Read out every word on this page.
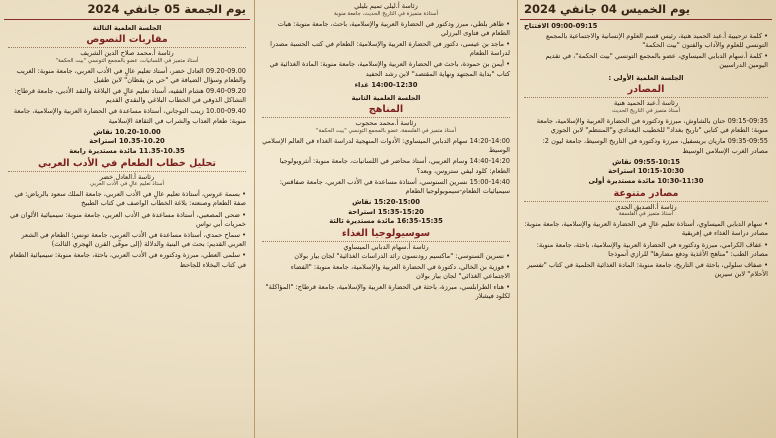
يوم الخميس 04 جانفي 2024
09:00-09:15 الافتتاح
• كلمة ترحيبية أ.عبد الحميد هنية، رئيس قسم العلوم الإنسانية والاجتماعية بالمجمع التونسي للعلوم والآداب والفنون "بيت الحكمة"
• كلمة أ.سهام الدبابي الميساوي، عضو بالمجمع التونسي "بيت الحكمة"، في تقديم اليومين الدراسيين
الجلسة العلمية الأولى :
المصادر
رئاسة أ.عبد الحميد هنية
أستاذ متميز في التاريخ الحديث
09:15-09:35 حنان بالشاوش، مبرزة ودكتوره في الحضارة العربية والإسلامية، جامعة منوبة: الطعام في كتابي "تاريخ بغداد" للخطيب البغدادي و"المنتظم" لابن الجوزي
09:35-09:55 ماريان بريسفيل، مبرزة ودكتوره في التاريخ الوسيط، جامعة ليون 2: مصادر الغرب الإسلامي الوسيط
09:55-10:15 نقاش
10:15-10:30 استراحة
10:30-11:30 مائدة مستديرة أولى
مصادر متنوعة
رئاسة أ.الصديق الجدي
أستاذ متميز في الفلسفة
• سهام الدبابي الميساوي، أستاذة تعليم عالٍ في الحضارة العربية والإسلامية، جامعة منوبة: مصادر دراسة الغذاء في إفريقية
• عفاف الكرامي، مبرزة ودكتوره في الحضارة العربية والإسلامية، باحثة، جامعة منوبة: مصادر الطب: "مناهج الأغذية ودفع مضارها" للرازي أنموذجا
• صفاف سلولي، باحثة في التاريخ، جامعة منوبة: المادة الغذائية الحلمية في كتاب "تفسير الأحلام" لابن سيرين
رئاسة أ.ليلى تميم بليلي
أستاذة متميزة في التاريخ الحديث، جامعة منوبة
• طاهر بلطي، مبرز ودكتور في الحضارة العربية والإسلامية، باحث، جامعة منوبة: هبات الطعام في فتاوى البرزلي
• ماجد بن عيسى، دكتور في الحضارة العربية والإسلامية: الطعام في كتب الحسبة مصدرا لدراسة الطعام
• أيمن بن حمودة، باحث في الحضارة العربية والإسلامية، جامعة منوبة: المادة الغذائية في كتاب "بداية المجتهد ونهاية المقتصد" لابن رشد الحفيد
14:00-12:30 غداء
الجلسة العلمية الثانية
المناهج
رئاسة أ.محمد محجوب
أستاذ متميز في الفلسفة، عضو بالمجمع التونسي "بيت الحكمة"
14:20-14:00 سهام الدبابي الميساوي: الأدوات المنهجية لدراسة الغذاء في العالم الإسلامي الوسيط
14:40-14:20 وسام العريبي، أستاذ محاضر في اللسانيات، جامعة منوبة: أنثروبولوجيا الطعام: كلود ليفي ستروس، وبعد؟
15:00-14:40 نسرين السنوسي، أستاذة مساعدة في الأدب العربي، جامعة صفاقس: سيميائيات الطعام-سيموبولوجيا الطعام
15:20-15:00 نقاش
15:35-15:20 استراحة
16:35-15:35 مائدة مستديرة ثالثة
سوسيولوجيا الغذاء
رئاسة أ.سهام الدبابي الميساوي
• نسرين السنوسي: "ماكسيم رودنسون رائد الدراسات الغذائية" لجان بيار بولان
• فوزية بن الخالي، دكتورة في الحضارة العربية والإسلامية، جامعة منوبة: "الفضاء الاجتماعي الغذائي" لجان بيار بولان
• هناء الطرابلسي، مبرزة، باحثة في الحضارة العربية والإسلامية، جامعة قرطاج: "المؤاكلة" لكلود فيشلار
يوم الجمعة 05 جانفي 2024
الجلسة العلمية الثالثة
مقاربات النصوص
رئاسة أ.محمد صلاح الدين الشريف
أستاذ متميز في اللسانيات، عضو بالمجمع التونسي "بيت الحكمة"
09.20-09.00 العادل خضر، أستاذ تعليم عالٍ في الأدب العربي، جامعة منوبة: الغريب والطعام وسؤال الضيافة في "حي بن يقظان" لابن طفيل
09.40-09.20 هشام الفقيه، أستاذ تعليم عالٍ في البلاغة والنقد الأدبي، جامعة قرطاج: التشاكل الذوقي في الخطاب البلاغي والنقدي القديم
10.00-09.40 زينب التوجاني، أستاذة مساعدة في الحضارة العربية والإسلامية، جامعة منوبة: طعام العذاب والشراب في الثقافة الإسلامية
10.20-10.00 نقاش
10.35-10.20 استراحة
11.35-10.35 مائدة مستديرة رابعة
تحليل خطاب الطعام في الأدب العربي
رئاسة أ.العادل خضر
أستاذ تعليم عالٍ في الأدب العربي
• بسمة عروس، أستاذة تعليم عالٍ في الأدب العربي، جامعة الملك سعود بالرياض: في صفة الطعام وصنعته: بلاغة الخطاب الواصف في كتاب الطبيخ
• ضحى المصعبي، أستاذة مساعدة في الأدب العربي، جامعة منوبة: سيميائية الألوان في خمريات أبي نواس
• سماح حمدي، أستاذة مساعدة في الأدب العربي، جامعة تونس: الطعام في الشعر العربي القديم: بحث في البنية والدلالة (إلى موفّى القرن الهجري الثالث)
• سلمى العطي، مبرزة ودكتوره في الأدب العربي، باحثة، جامعة منوبة: سيميائية الطعام في كتاب البخلاء للجاحظ
